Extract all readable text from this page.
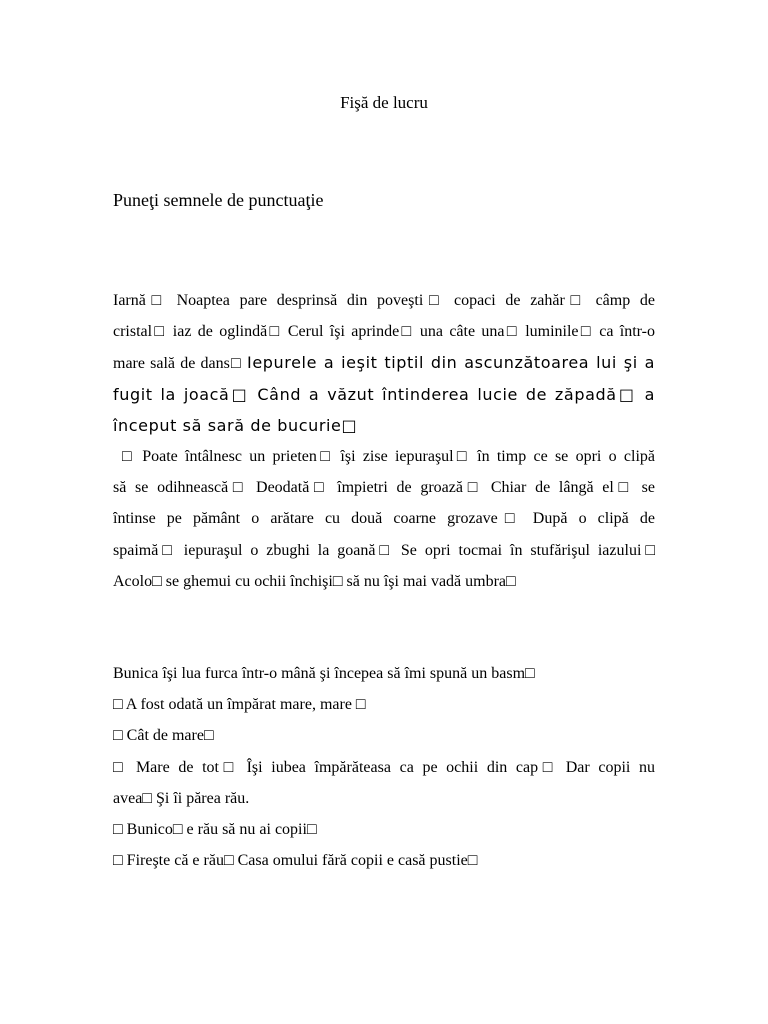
Fişă de lucru
Puneţi semnele de punctuaţie
Iarnă□ Noaptea pare desprinsă din poveşti□ copaci de zahăr□ câmp de
cristal□ iaz de oglindă□ Cerul îşi aprinde□ una câte una□ luminile□ ca într-o
mare sală de dans□ Iepurele a ieşit tiptil din ascunzătoarea lui şi a
fugit la joacă□ Când a văzut întinderea lucie de zăpadă□ a
început să sară de bucurie□
□ Poate întâlnesc un prieten□ îşi zise iepuraşul□ în timp ce se opri o clipă
să se odihnească□ Deodată□ împietri de groază□ Chiar de lângă el□ se
întinse pe pământ o arătare cu două coarne grozave□ După o clipă de
spaimă□ iepuraşul o zbughi la goană□ Se opri tocmai în stufărişul iazului□
Acolo□ se ghemui cu ochii închişi□ să nu îşi mai vadă umbra□
Bunica îşi lua furca într-o mână şi începea să îmi spună un basm□
□ A fost odată un împărat mare, mare □
□ Cât de mare□
□ Mare de tot□ Îşi iubea împărăteasa ca pe ochii din cap□ Dar copii nu
avea□ Şi îi părea rău.
□ Bunico□ e rău să nu ai copii□
□ Fireşte că e rău□ Casa omului fără copii e casă pustie□
